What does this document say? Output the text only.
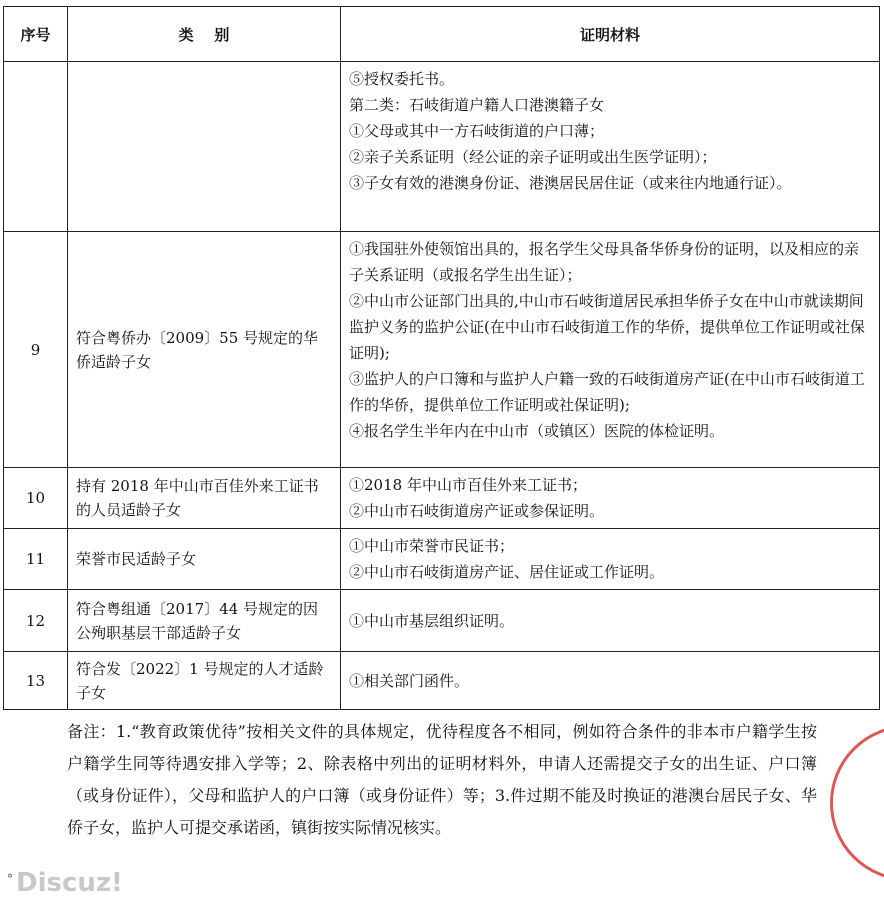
序号	类    别	证明材料

		⑤授权委托书。
第二类：石岐街道户籍人口港澳籍子女
①父母或其中一方石岐街道的户口薄；
②亲子关系证明（经公证的亲子证明或出生医学证明）；
③子女有效的港澳身份证、港澳居民居住证（或来往内地通行证）。

9	符合粤侨办〔2009〕55 号规定的华侨适龄子女	①我国驻外使领馆出具的，报名学生父母具备华侨身份的证明，以及相应的亲子关系证明（或报名学生出生证）；
②中山市公证部门出具的,中山市石岐街道居民承担华侨子女在中山市就读期间监护义务的监护公证(在中山市石岐街道工作的华侨，提供单位工作证明或社保证明);
③监护人的户口簿和与监护人户籍一致的石岐街道房产证(在中山市石岐街道工作的华侨，提供单位工作证明或社保证明);
④报名学生半年内在中山市（或镇区）医院的体检证明。

10	持有 2018 年中山市百佳外来工证书的人员适龄子女	①2018 年中山市百佳外来工证书；
②中山市石岐街道房产证或参保证明。

11	荣誉市民适龄子女	①中山市荣誉市民证书；
②中山市石岐街道房产证、居住证或工作证明。

12	符合粤组通〔2017〕44 号规定的因公殉职基层干部适龄子女	①中山市基层组织证明。

13	符合发〔2022〕1 号规定的人才适龄子女	①相关部门函件。
备注：1.“教育政策优待”按相关文件的具体规定，优待程度各不相同，例如符合条件的非本市户籍学生按户籍学生同等待遇安排入学等；2、除表格中列出的证明材料外，申请人还需提交子女的出生证、户口簿（或身份证件），父母和监护人的户口簿（或身份证件）等；3.件过期不能及时换证的港澳台居民子女、华侨子女，监护人可提交承诺函，镇街按实际情况核实。
° Discuz!
